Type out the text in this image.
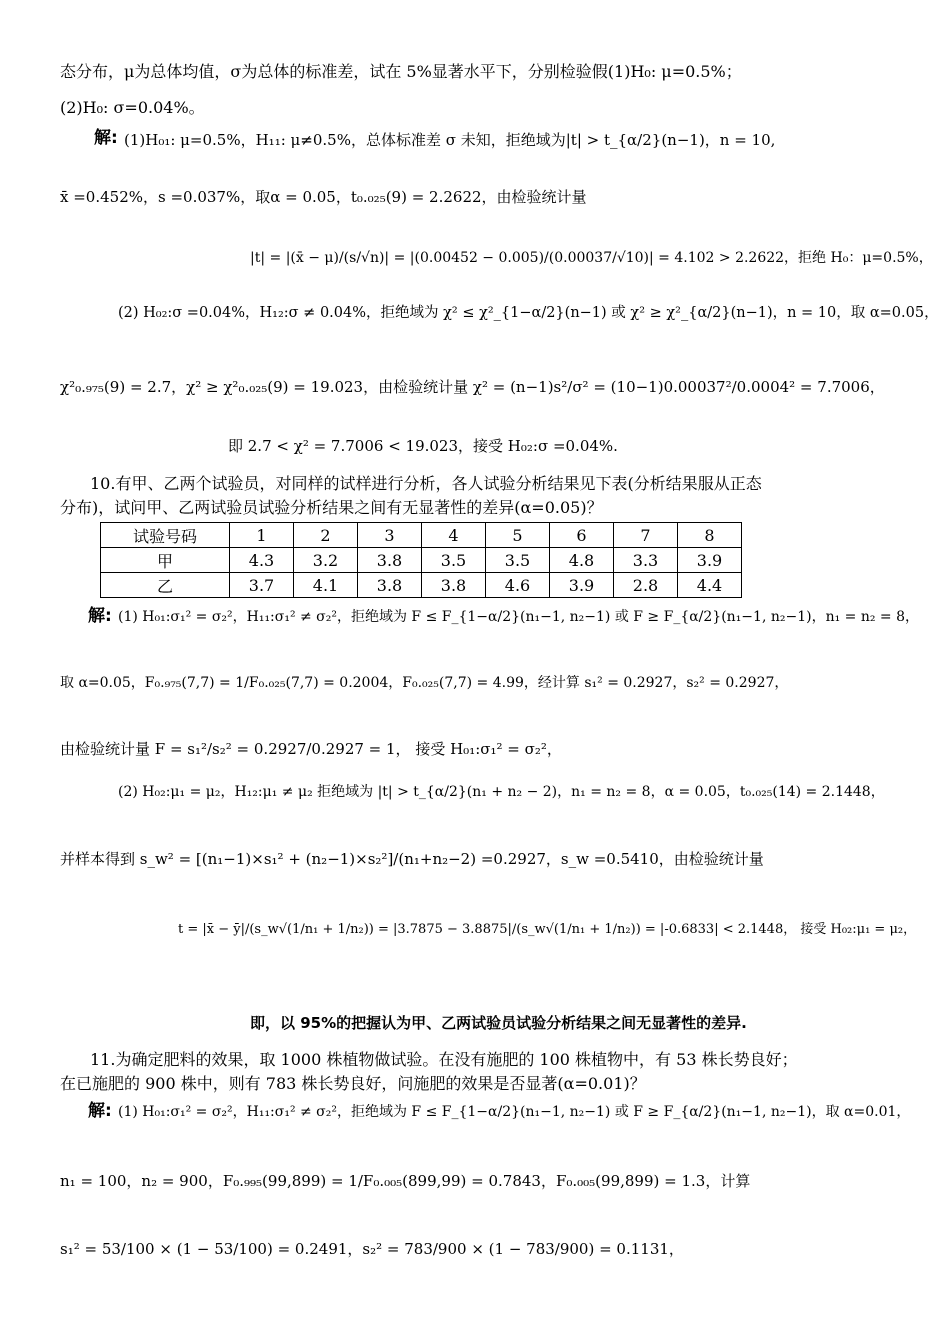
态分布，μ为总体均值，σ为总体的标准差，试在 5%显著水平下，分别检验假(1)H₀: μ=0.5%；
(2)H₀: σ=0.04%。
解: (1)H₀₁: μ=0.5%，H₁₁: μ≠0.5%，总体标准差 σ 未知，拒绝域为|t| > t_{α/2}(n−1)，n = 10,
x̄ =0.452%，s =0.037%，取α = 0.05，t₀.₀₂₅(9) = 2.2622，由检验统计量
|t| = |(x̄ − μ)/(s/√n)| = |(0.00452 − 0.005)/(0.00037/√10)| = 4.102 > 2.2622，拒绝 H₀：μ=0.5%，
(2) H₀₂:σ =0.04%，H₁₂:σ ≠ 0.04%，拒绝域为 χ² ≤ χ²_{1−α/2}(n−1) 或 χ² ≥ χ²_{α/2}(n−1)，n = 10，取 α=0.05，
χ²₀.₉₇₅(9) = 2.7，χ² ≥ χ²₀.₀₂₅(9) = 19.023，由检验统计量 χ² = (n−1)s²/σ² = (10−1)0.00037²/0.0004² = 7.7006，
即 2.7 < χ² = 7.7006 < 19.023，接受 H₀₂:σ =0.04%.
10.有甲、乙两个试验员，对同样的试样进行分析，各人试验分析结果见下表(分析结果服从正态
分布)，试问甲、乙两试验员试验分析结果之间有无显著性的差异(α=0.05)？
试验号码	1	2	3	4	5	6	7	8
甲	4.3	3.2	3.8	3.5	3.5	4.8	3.3	3.9
乙	3.7	4.1	3.8	3.8	4.6	3.9	2.8	4.4
解: (1) H₀₁:σ₁² = σ₂²，H₁₁:σ₁² ≠ σ₂²，拒绝域为 F ≤ F_{1−α/2}(n₁−1, n₂−1) 或 F ≥ F_{α/2}(n₁−1, n₂−1)，n₁ = n₂ = 8，
取 α=0.05，F₀.₉₇₅(7,7) = 1/F₀.₀₂₅(7,7) = 0.2004，F₀.₀₂₅(7,7) = 4.99，经计算 s₁² = 0.2927，s₂² = 0.2927，
由检验统计量 F = s₁²/s₂² = 0.2927/0.2927 = 1， 接受 H₀₁:σ₁² = σ₂²，
(2) H₀₂:μ₁ = μ₂，H₁₂:μ₁ ≠ μ₂ 拒绝域为 |t| > t_{α/2}(n₁ + n₂ − 2)，n₁ = n₂ = 8，α = 0.05，t₀.₀₂₅(14) = 2.1448，
并样本得到 s_w² = [(n₁−1)×s₁² + (n₂−1)×s₂²]/(n₁+n₂−2) =0.2927，s_w =0.5410，由检验统计量
t = |x̄ − ȳ|/(s_w√(1/n₁ + 1/n₂)) = |3.7875 − 3.8875|/(s_w√(1/n₁ + 1/n₂)) = |-0.6833| < 2.1448， 接受 H₀₂:μ₁ = μ₂，
即，以 95%的把握认为甲、乙两试验员试验分析结果之间无显著性的差异.
11.为确定肥料的效果，取 1000 株植物做试验。在没有施肥的 100 株植物中，有 53 株长势良好；
在已施肥的 900 株中，则有 783 株长势良好，问施肥的效果是否显著(α=0.01)？
解: (1) H₀₁:σ₁² = σ₂²，H₁₁:σ₁² ≠ σ₂²，拒绝域为 F ≤ F_{1−α/2}(n₁−1, n₂−1) 或 F ≥ F_{α/2}(n₁−1, n₂−1)，取 α=0.01，
n₁ = 100，n₂ = 900，F₀.₉₉₅(99,899) = 1/F₀.₀₀₅(899,99) = 0.7843，F₀.₀₀₅(99,899) = 1.3，计算
s₁² = 53/100 × (1 − 53/100) = 0.2491，s₂² = 783/900 × (1 − 783/900) = 0.1131，
